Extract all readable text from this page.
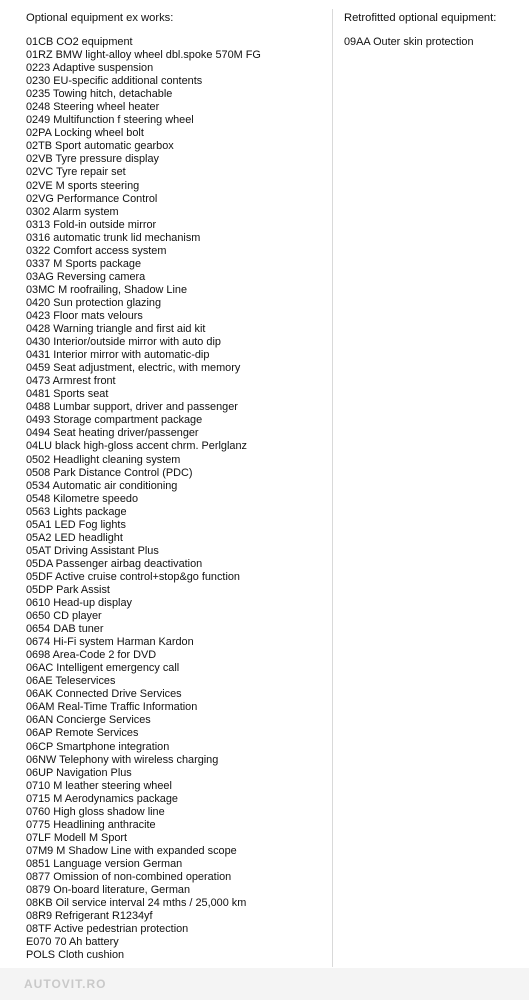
Optional equipment ex works:
01CB CO2 equipment
01RZ BMW light-alloy wheel dbl.spoke 570M FG
0223 Adaptive suspension
0230 EU-specific additional contents
0235 Towing hitch, detachable
0248 Steering wheel heater
0249 Multifunction f steering wheel
02PA Locking wheel bolt
02TB Sport automatic gearbox
02VB Tyre pressure display
02VC Tyre repair set
02VE M sports steering
02VG Performance Control
0302 Alarm system
0313 Fold-in outside mirror
0316 automatic trunk lid mechanism
0322 Comfort access system
0337 M Sports package
03AG Reversing camera
03MC M roofrailing, Shadow Line
0420 Sun protection glazing
0423 Floor mats velours
0428 Warning triangle and first aid kit
0430 Interior/outside mirror with auto dip
0431 Interior mirror with automatic-dip
0459 Seat adjustment, electric, with memory
0473 Armrest front
0481 Sports seat
0488 Lumbar support, driver and passenger
0493 Storage compartment package
0494 Seat heating driver/passenger
04LU black high-gloss accent chrm. Perlglanz
0502 Headlight cleaning system
0508 Park Distance Control (PDC)
0534 Automatic air conditioning
0548 Kilometre speedo
0563 Lights package
05A1 LED Fog lights
05A2 LED headlight
05AT Driving Assistant Plus
05DA Passenger airbag deactivation
05DF Active cruise control+stop&go function
05DP Park Assist
0610 Head-up display
0650 CD player
0654 DAB tuner
0674 Hi-Fi system Harman Kardon
0698 Area-Code 2 for DVD
06AC Intelligent emergency call
06AE Teleservices
06AK Connected Drive Services
06AM Real-Time Traffic Information
06AN Concierge Services
06AP Remote Services
06CP Smartphone integration
06NW Telephony with wireless charging
06UP Navigation Plus
0710 M leather steering wheel
0715 M Aerodynamics package
0760 High gloss shadow line
0775 Headlining anthracite
07LF Modell M Sport
07M9 M Shadow Line with expanded scope
0851 Language version German
0877 Omission of non-combined operation
0879 On-board literature, German
08KB Oil service interval 24 mths / 25,000 km
08R9 Refrigerant R1234yf
08TF Active pedestrian protection
E070 70 Ah battery
POLS Cloth cushion
Retrofitted optional equipment:
09AA Outer skin protection
AUTOVIT.RO
